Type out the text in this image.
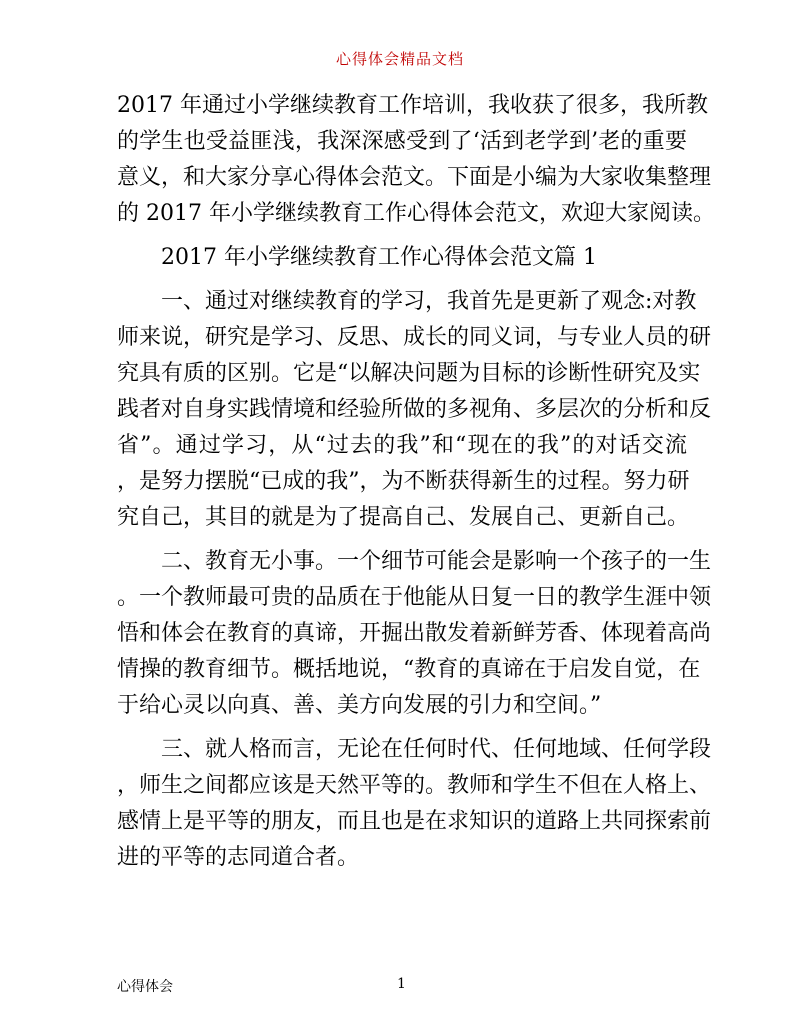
心得体会精品文档
2017 年通过小学继续教育工作培训，我收获了很多，我所教
的学生也受益匪浅，我深深感受到了‘活到老学到’老的重要
意义，和大家分享心得体会范文。下面是小编为大家收集整理
的 2017 年小学继续教育工作心得体会范文，欢迎大家阅读。
2017 年小学继续教育工作心得体会范文篇 1
一、通过对继续教育的学习，我首先是更新了观念:对教
师来说，研究是学习、反思、成长的同义词，与专业人员的研
究具有质的区别。它是“以解决问题为目标的诊断性研究及实
践者对自身实践情境和经验所做的多视角、多层次的分析和反
省”。通过学习，从“过去的我”和“现在的我”的对话交流
，是努力摆脱“已成的我”，为不断获得新生的过程。努力研
究自己，其目的就是为了提高自己、发展自己、更新自己。
二、教育无小事。一个细节可能会是影响一个孩子的一生
。一个教师最可贵的品质在于他能从日复一日的教学生涯中领
悟和体会在教育的真谛，开掘出散发着新鲜芳香、体现着高尚
情操的教育细节。概括地说，“教育的真谛在于启发自觉，在
于给心灵以向真、善、美方向发展的引力和空间。”
三、就人格而言，无论在任何时代、任何地域、任何学段
，师生之间都应该是天然平等的。教师和学生不但在人格上、
感情上是平等的朋友，而且也是在求知识的道路上共同探索前
进的平等的志同道合者。
心得体会	1
